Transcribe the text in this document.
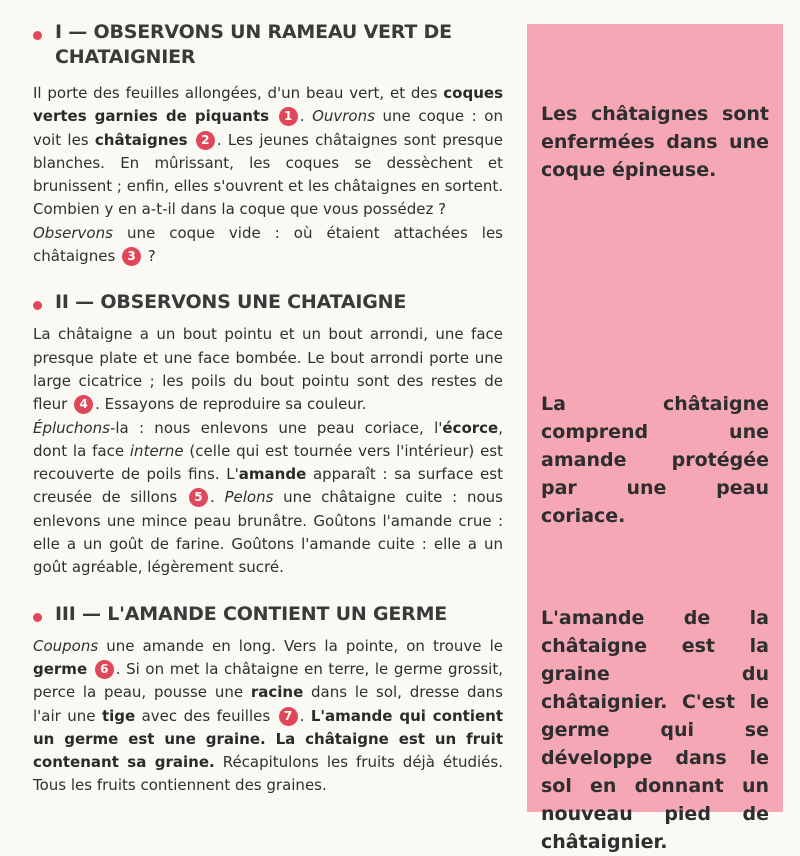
I — OBSERVONS UN RAMEAU VERT DE CHATAIGNIER

Il porte des feuilles allongées, d'un beau vert, et des coques vertes garnies de piquants 1 . Ouvrons une coque : on voit les châtaignes 2 . Les jeunes châtaignes sont presque blanches. En mûrissant, les coques se dessèchent et brunissent ; enfin, elles s'ouvrent et les châtaignes en sortent. Combien y en a-t-il dans la coque que vous possédez ?
Observons une coque vide : où étaient attachées les châtaignes 3 ?

II — OBSERVONS UNE CHATAIGNE

La châtaigne a un bout pointu et un bout arrondi, une face presque plate et une face bombée. Le bout arrondi porte une large cicatrice ; les poils du bout pointu sont des restes de fleur 4 . Essayons de reproduire sa couleur.
Épluchons-la : nous enlevons une peau coriace, l'écorce, dont la face interne (celle qui est tournée vers l'intérieur) est recouverte de poils fins. L'amande apparaît : sa surface est creusée de sillons 5 . Pelons une châtaigne cuite : nous enlevons une mince peau brunâtre. Goûtons l'amande crue : elle a un goût de farine. Goûtons l'amande cuite : elle a un goût agréable, légèrement sucré.

III — L'AMANDE CONTIENT UN GERME

Coupons une amande en long. Vers la pointe, on trouve le germe 6 . Si on met la châtaigne en terre, le germe grossit, perce la peau, pousse une racine dans le sol, dresse dans l'air une tige avec des feuilles 7 . L'amande qui contient un germe est une graine. La châtaigne est un fruit contenant sa graine. Récapitulons les fruits déjà étudiés. Tous les fruits contiennent des graines.

Les châtaignes sont enfermées dans une coque épineuse.

La châtaigne comprend une amande protégée par une peau coriace.

L'amande de la châtaigne est la graine du châtaignier. C'est le germe qui se développe dans le sol en donnant un nouveau pied de châtaignier.
